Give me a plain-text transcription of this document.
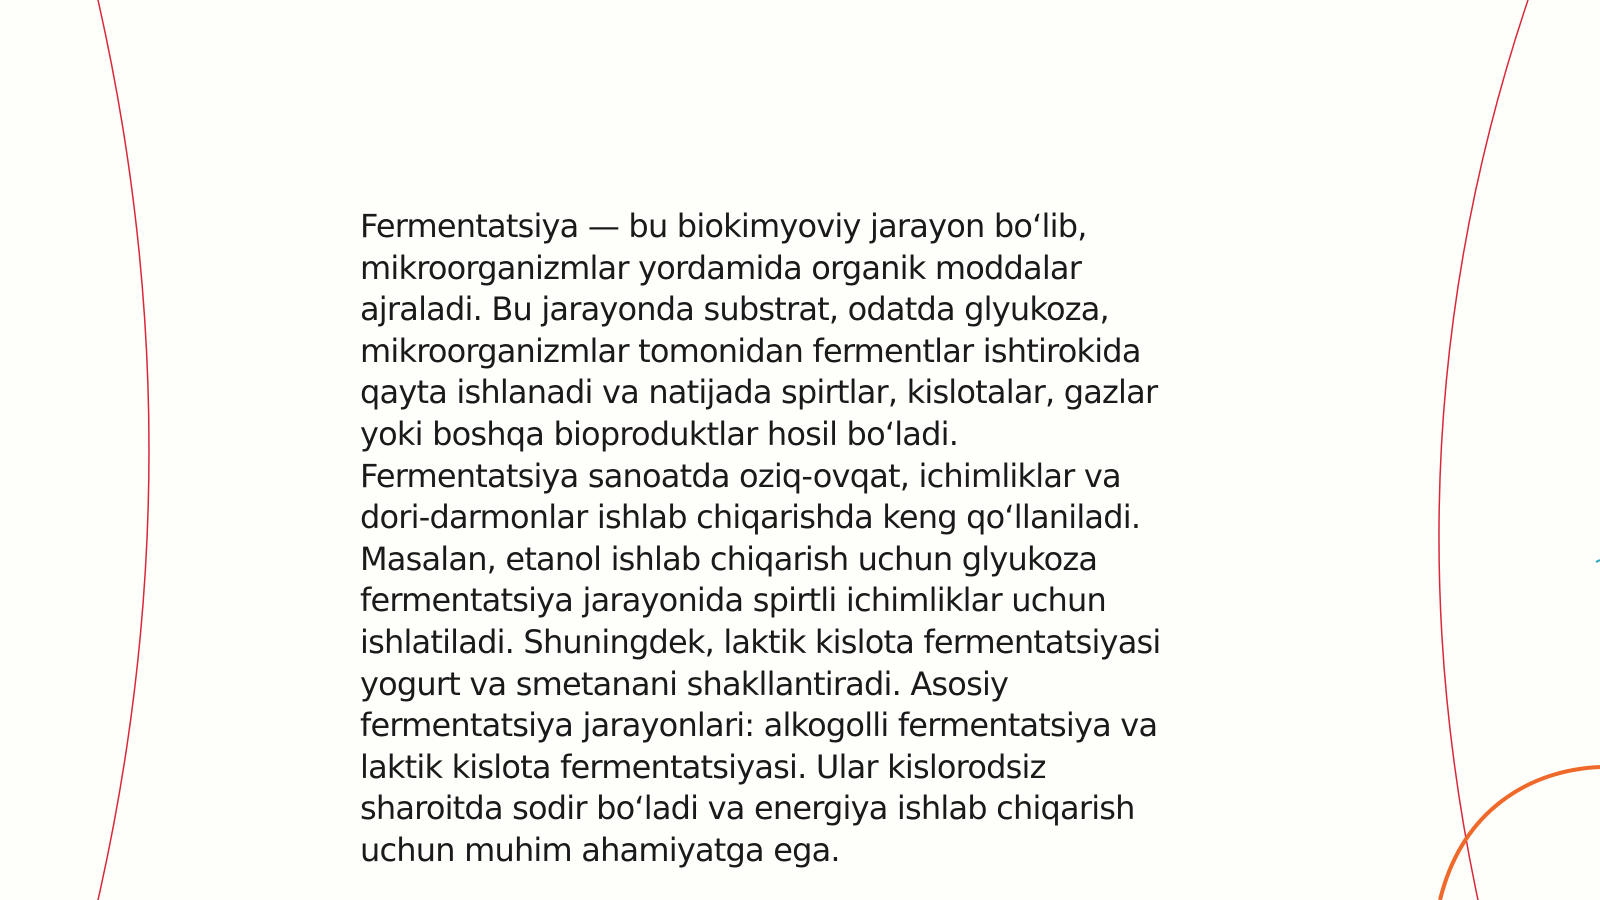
Fermentatsiya — bu biokimyoviy jarayon bo‘lib,
mikroorganizmlar yordamida organik moddalar
ajraladi. Bu jarayonda substrat, odatda glyukoza,
mikroorganizmlar tomonidan fermentlar ishtirokida
qayta ishlanadi va natijada spirtlar, kislotalar, gazlar
yoki boshqa bioproduktlar hosil bo‘ladi.
Fermentatsiya sanoatda oziq-ovqat, ichimliklar va
dori-darmonlar ishlab chiqarishda keng qo‘llaniladi.
Masalan, etanol ishlab chiqarish uchun glyukoza
fermentatsiya jarayonida spirtli ichimliklar uchun
ishlatiladi. Shuningdek, laktik kislota fermentatsiyasi
yogurt va smetanani shakllantiradi. Asosiy
fermentatsiya jarayonlari: alkogolli fermentatsiya va
laktik kislota fermentatsiyasi. Ular kislorodsiz
sharoitda sodir bo‘ladi va energiya ishlab chiqarish
uchun muhim ahamiyatga ega.
